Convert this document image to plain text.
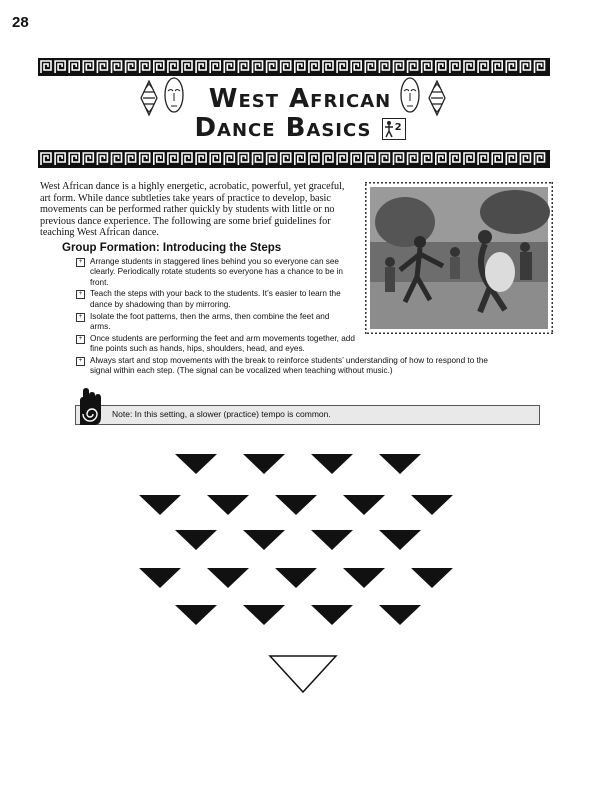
28
West African
Dance Basics 2
West African dance is a highly energetic, acrobatic, powerful, yet graceful, art form. While dance subtleties take years of practice to develop, basic movements can be performed rather quickly by students with little or no previous dance experience. The following are some brief guidelines for teaching West African dance.
Group Formation: Introducing the Steps
+ Arrange students in staggered lines behind you so everyone can see clearly. Periodically rotate students so everyone has a chance to be in front.
+ Teach the steps with your back to the students. It’s easier to learn the dance by shadowing than by mirroring.
+ Isolate the foot patterns, then the arms, then combine the feet and arms.
+ Once students are performing the feet and arm movements together, add fine points such as hands, hips, shoulders, head, and eyes.
+ Always start and stop movements with the break to reinforce students’ understanding of how to respond to the signal within each step. (The signal can be vocalized when teaching without music.)
Note: In this setting, a slower (practice) tempo is common.
